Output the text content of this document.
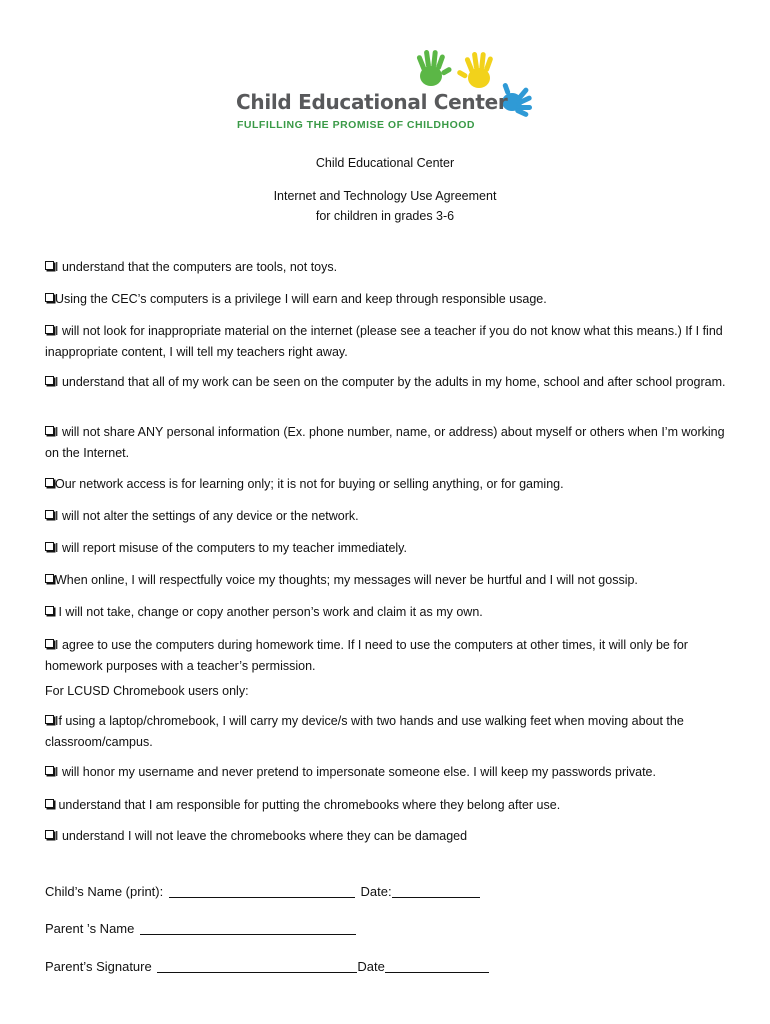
Child Educational Center
FULFILLING THE PROMISE OF CHILDHOOD
Child Educational Center
Internet and Technology Use Agreement
for children in grades 3-6
I understand that the computers are tools, not toys.
Using the CEC’s computers is a privilege I will earn and keep through responsible usage.
I will not look for inappropriate material on the internet (please see a teacher if you do not know what this means.) If I find inappropriate content, I will tell my teachers right away.
I understand that all of my work can be seen on the computer by the adults in my home, school and after school program.
I will not share ANY personal information (Ex. phone number, name, or address) about myself or others when I’m working on the Internet.
Our network access is for learning only; it is not for buying or selling anything, or for gaming.
I will not alter the settings of any device or the network.
I will report misuse of the computers to my teacher immediately.
When online, I will respectfully voice my thoughts; my messages will never be hurtful and I will not gossip.
I will not take, change or copy another person’s work and claim it as my own.
I agree to use the computers during homework time. If I need to use the computers at other times, it will only be for homework purposes with a teacher’s permission.
For LCUSD Chromebook users only:
If using a laptop/chromebook, I will carry my device/s with two hands and use walking feet when moving about the classroom/campus.
I will honor my username and never pretend to impersonate someone else. I will keep my passwords private.
understand that I am responsible for putting the chromebooks where they belong after use.
I understand I will not leave the chromebooks where they can be damaged
Child’s Name (print):	Date:
Parent ’s Name
Parent’s Signature	Date
